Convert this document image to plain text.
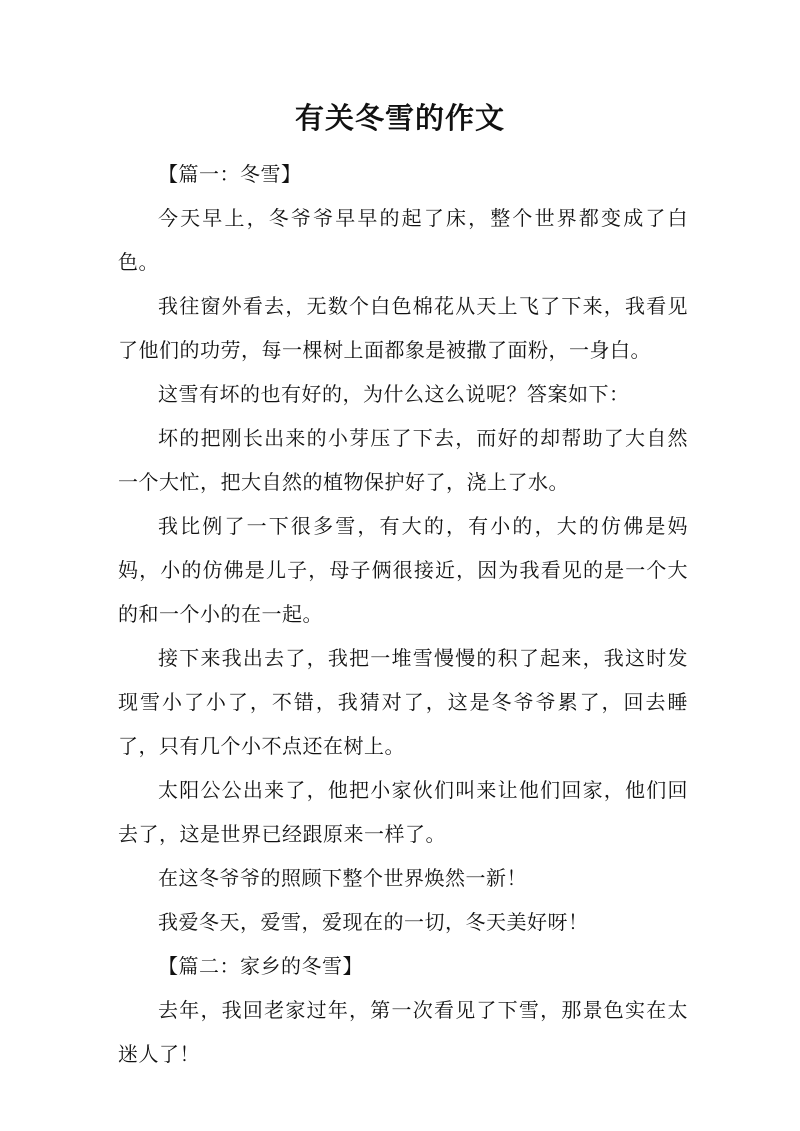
有关冬雪的作文

【篇一：冬雪】

今天早上，冬爷爷早早的起了床，整个世界都变成了白色。

我往窗外看去，无数个白色棉花从天上飞了下来，我看见了他们的功劳，每一棵树上面都象是被撒了面粉，一身白。

这雪有坏的也有好的，为什么这么说呢？答案如下：

坏的把刚长出来的小芽压了下去，而好的却帮助了大自然一个大忙，把大自然的植物保护好了，浇上了水。

我比例了一下很多雪，有大的，有小的，大的仿佛是妈妈，小的仿佛是儿子，母子俩很接近，因为我看见的是一个大的和一个小的在一起。

接下来我出去了，我把一堆雪慢慢的积了起来，我这时发现雪小了小了，不错，我猜对了，这是冬爷爷累了，回去睡了，只有几个小不点还在树上。

太阳公公出来了，他把小家伙们叫来让他们回家，他们回去了，这是世界已经跟原来一样了。

在这冬爷爷的照顾下整个世界焕然一新！

我爱冬天，爱雪，爱现在的一切，冬天美好呀！

【篇二：家乡的冬雪】

去年，我回老家过年，第一次看见了下雪，那景色实在太迷人了！
